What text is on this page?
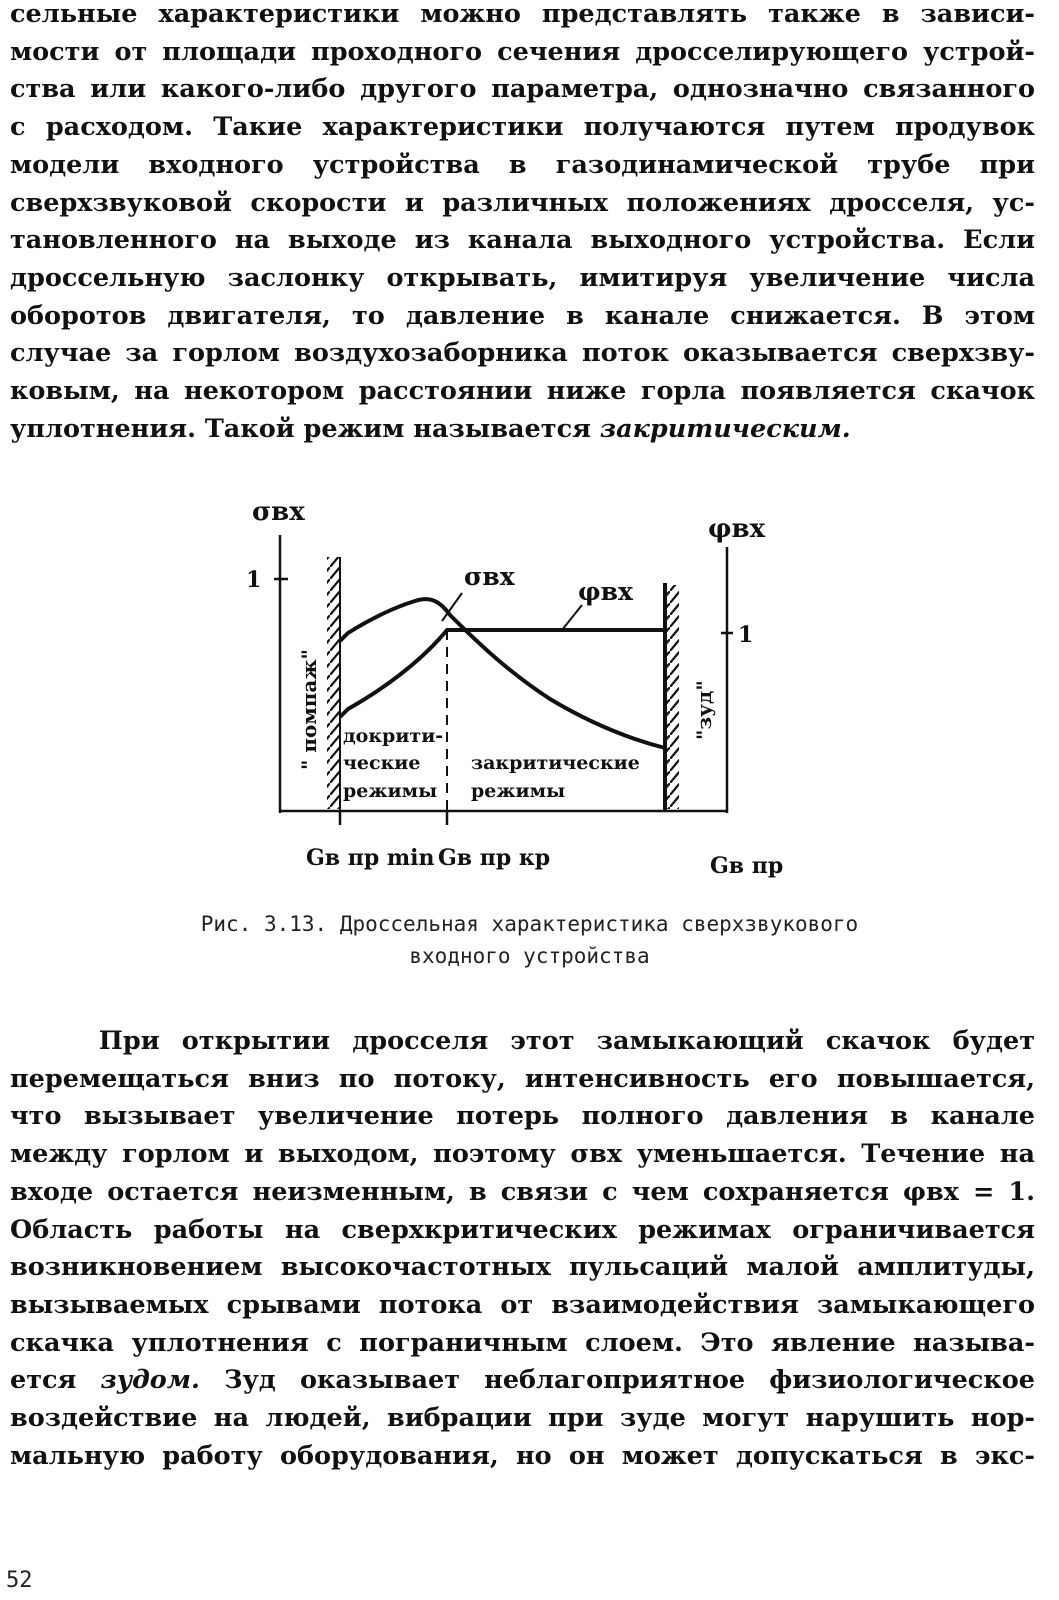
сельные характеристики можно представлять также в зависи-
мости от площади проходного сечения дросселирующего устрой-
ства или какого-либо другого параметра, однозначно связанного
с расходом. Такие характеристики получаются путем продувок
модели входного устройства в газодинамической трубе при
сверхзвуковой скорости и различных положениях дросселя, ус-
тановленного на выходе из канала выходного устройства. Если
дроссельную заслонку открывать, имитируя увеличение числа
оборотов двигателя, то давление в канале снижается. В этом
случае за горлом воздухозаборника поток оказывается сверхзву-
ковым, на некотором расстоянии ниже горла появляется скачок
уплотнения. Такой режим называется закритическим.
σвх
1
φвх
1
σвх
φвх
" помпаж"	"зуд"
докрити-
ческие
режимы
закритические
режимы
Gв пр min Gв пр кр	Gв пр
Рис. 3.13. Дроссельная характеристика сверхзвукового
входного устройства
При открытии дросселя этот замыкающий скачок будет
перемещаться вниз по потоку, интенсивность его повышается,
что вызывает увеличение потерь полного давления в канале
между горлом и выходом, поэтому σвх уменьшается. Течение на
входе остается неизменным, в связи с чем сохраняется φвх = 1.
Область работы на сверхкритических режимах ограничивается
возникновением высокочастотных пульсаций малой амплитуды,
вызываемых срывами потока от взаимодействия замыкающего
скачка уплотнения с пограничным слоем. Это явление называ-
ется зудом. Зуд оказывает неблагоприятное физиологическое
воздействие на людей, вибрации при зуде могут нарушить нор-
мальную работу оборудования, но он может допускаться в экс-
52
